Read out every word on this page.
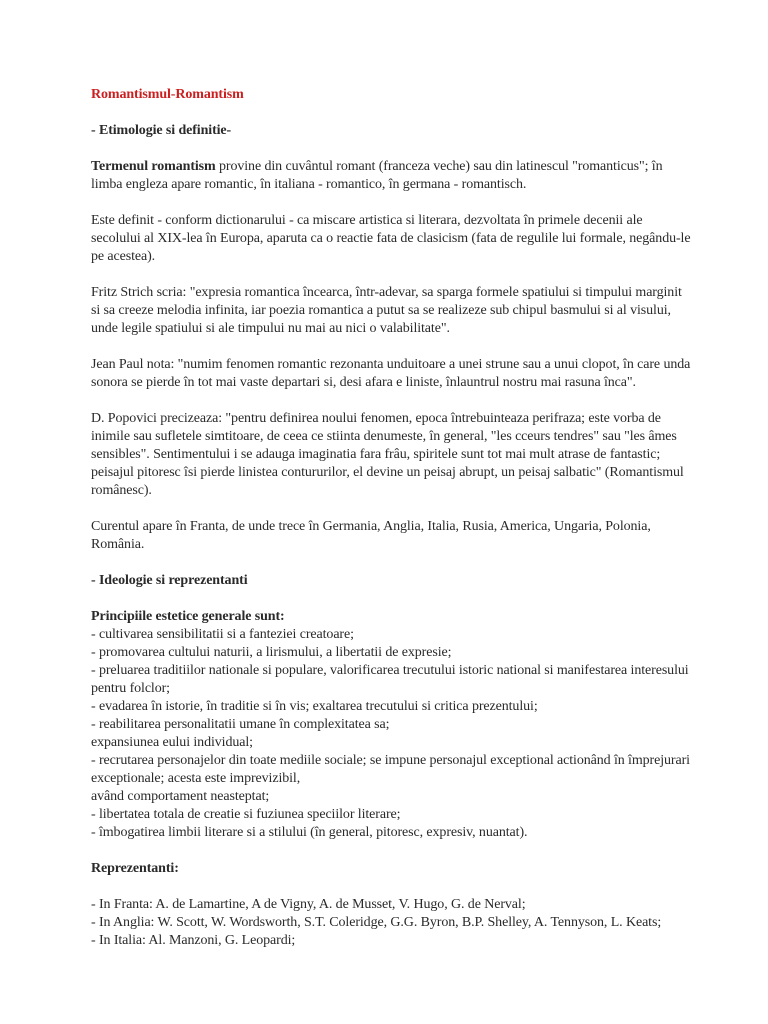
Romantismul-Romantism
- Etimologie si definitie-
Termenul romantism provine din cuvântul romant (franceza veche) sau din latinescul "romanticus"; în limba engleza apare romantic, în italiana - romantico, în germana - romantisch.
Este definit - conform dictionarului - ca miscare artistica si literara, dezvoltata în primele decenii ale secolului al XIX-lea în Europa, aparuta ca o reactie fata de clasicism (fata de regulile lui formale, negându-le pe acestea).
Fritz Strich scria: "expresia romantica încearca, într-adevar, sa sparga formele spatiului si timpului marginit si sa creeze melodia infinita, iar poezia romantica a putut sa se realizeze sub chipul basmului si al visului, unde legile spatiului si ale timpului nu mai au nici o valabilitate".
Jean Paul nota: "numim fenomen romantic rezonanta unduitoare a unei strune sau a unui clopot, în care unda sonora se pierde în tot mai vaste departari si, desi afara e liniste, înlauntrul nostru mai rasuna înca".
D. Popovici precizeaza: "pentru definirea noului fenomen, epoca întrebuinteaza perifraza; este vorba de inimile sau sufletele simtitoare, de ceea ce stiinta denumeste, în general, "les cceurs tendres" sau "les âmes sensibles". Sentimentului i se adauga imaginatia fara frâu, spiritele sunt tot mai mult atrase de fantastic; peisajul pitoresc îsi pierde linistea contururilor, el devine un peisaj abrupt, un peisaj salbatic" (Romantismul românesc).
Curentul apare în Franta, de unde trece în Germania, Anglia, Italia, Rusia, America, Ungaria, Polonia, România.
- Ideologie si reprezentanti
Principiile estetice generale sunt:
- cultivarea sensibilitatii si a fanteziei creatoare;
- promovarea cultului naturii, a lirismului, a libertatii de expresie;
- preluarea traditiilor nationale si populare, valorificarea trecutului istoric national si manifestarea interesului pentru folclor;
- evadarea în istorie, în traditie si în vis; exaltarea trecutului si critica prezentului;
- reabilitarea personalitatii umane în complexitatea sa;
expansiunea eului individual;
- recrutarea personajelor din toate mediile sociale; se impune personajul exceptional actionând în împrejurari exceptionale; acesta este imprevizibil,
având comportament neasteptat;
- libertatea totala de creatie si fuziunea speciilor literare;
- îmbogatirea limbii literare si a stilului (în general, pitoresc, expresiv, nuantat).
Reprezentanti:
- In Franta: A. de Lamartine, A de Vigny, A. de Musset, V. Hugo, G. de Nerval;
- In Anglia: W. Scott, W. Wordsworth, S.T. Coleridge, G.G. Byron, B.P. Shelley, A. Tennyson, L. Keats;
- In Italia: Al. Manzoni, G. Leopardi;
